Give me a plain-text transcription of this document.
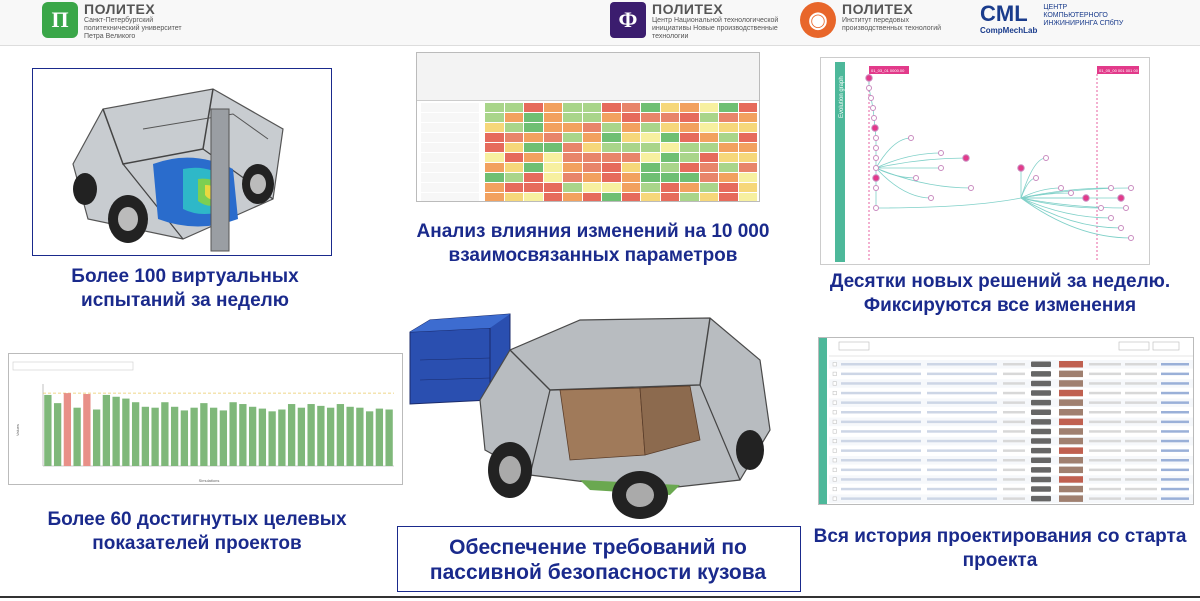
П	ПОЛИТЕХ
Санкт-Петербургский политехнический университет Петра Великого
Ф	ПОЛИТЕХ
Центр Национальной технологической инициативы Новые производственные технологии
◉	ПОЛИТЕХ
Институт передовых производственных технологий
CML
CompMechLab
ЦЕНТР КОМПЬЮТЕРНОГО ИНЖИНИРИНГА СПбПУ
Более 100 виртуальных испытаний за неделю
Анализ влияния изменений на 10 000 взаимосвязанных параметров
Evolution graph
01_03_01 0000.00	01_05_00 001 001 00
Десятки новых решений за неделю. Фиксируются все изменения
Simulations
Values
Более 60 достигнутых целевых показателей проектов	Обеспечение требований по пассивной безопасности кузова
Вся история проектирования со старта проекта
